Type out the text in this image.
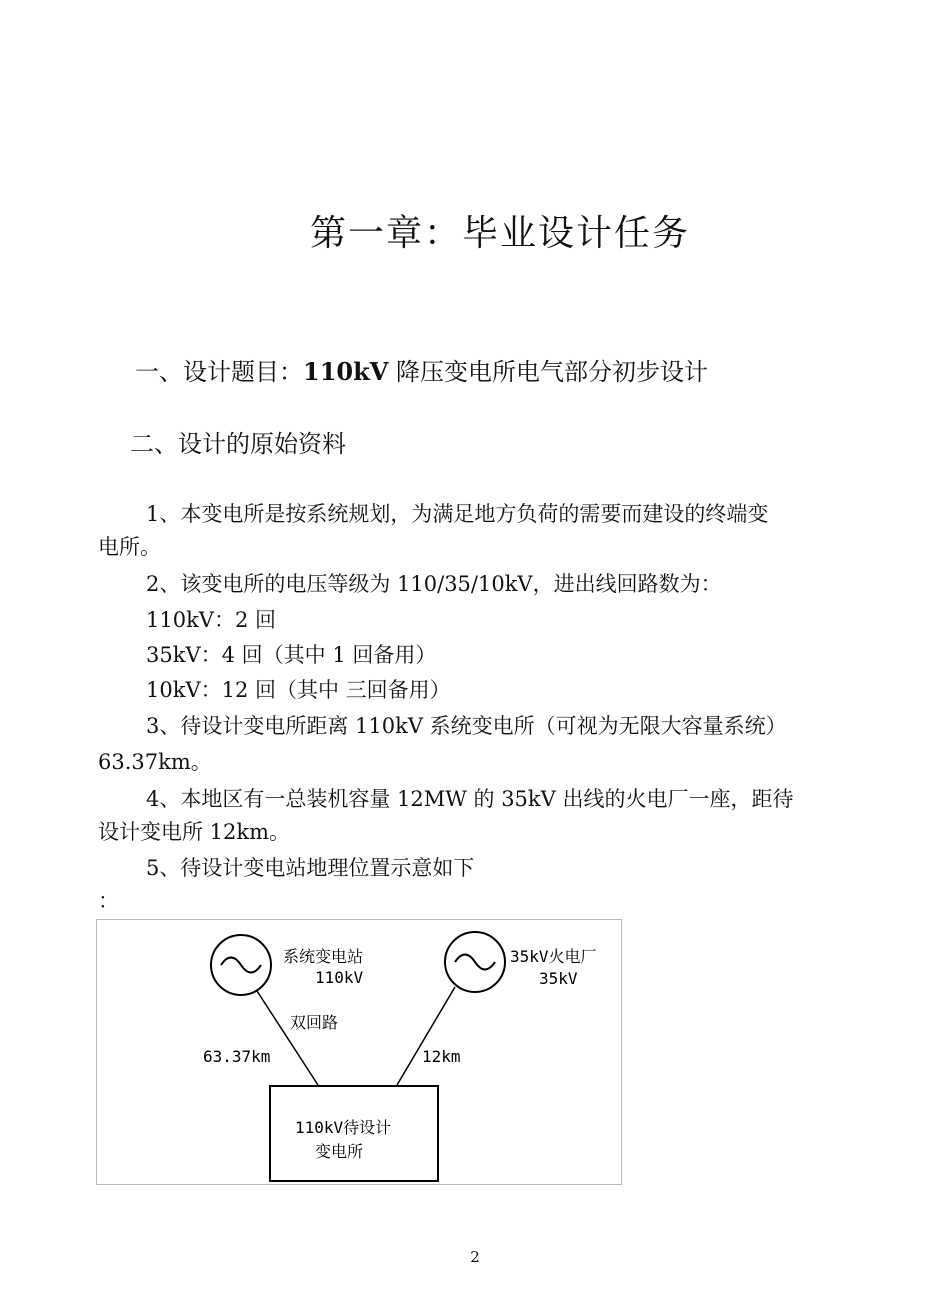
第一章：毕业设计任务
一、设计题目：110kV 降压变电所电气部分初步设计
二、设计的原始资料
1、本变电所是按系统规划，为满足地方负荷的需要而建设的终端变
电所。
2、该变电所的电压等级为 110/35/10kV，进出线回路数为：
110kV：2 回
35kV：4 回（其中 1 回备用）
10kV：12 回（其中 三回备用）
3、待设计变电所距离 110kV 系统变电所（可视为无限大容量系统）
63.37km。
4、本地区有一总装机容量 12MW 的 35kV 出线的火电厂一座，距待
设计变电所 12km。
5、待设计变电站地理位置示意如下
：
系统变电站
110kV
35kV火电厂
35kV
双回路
63.37km	12km
110kV待设计
变电所
2
